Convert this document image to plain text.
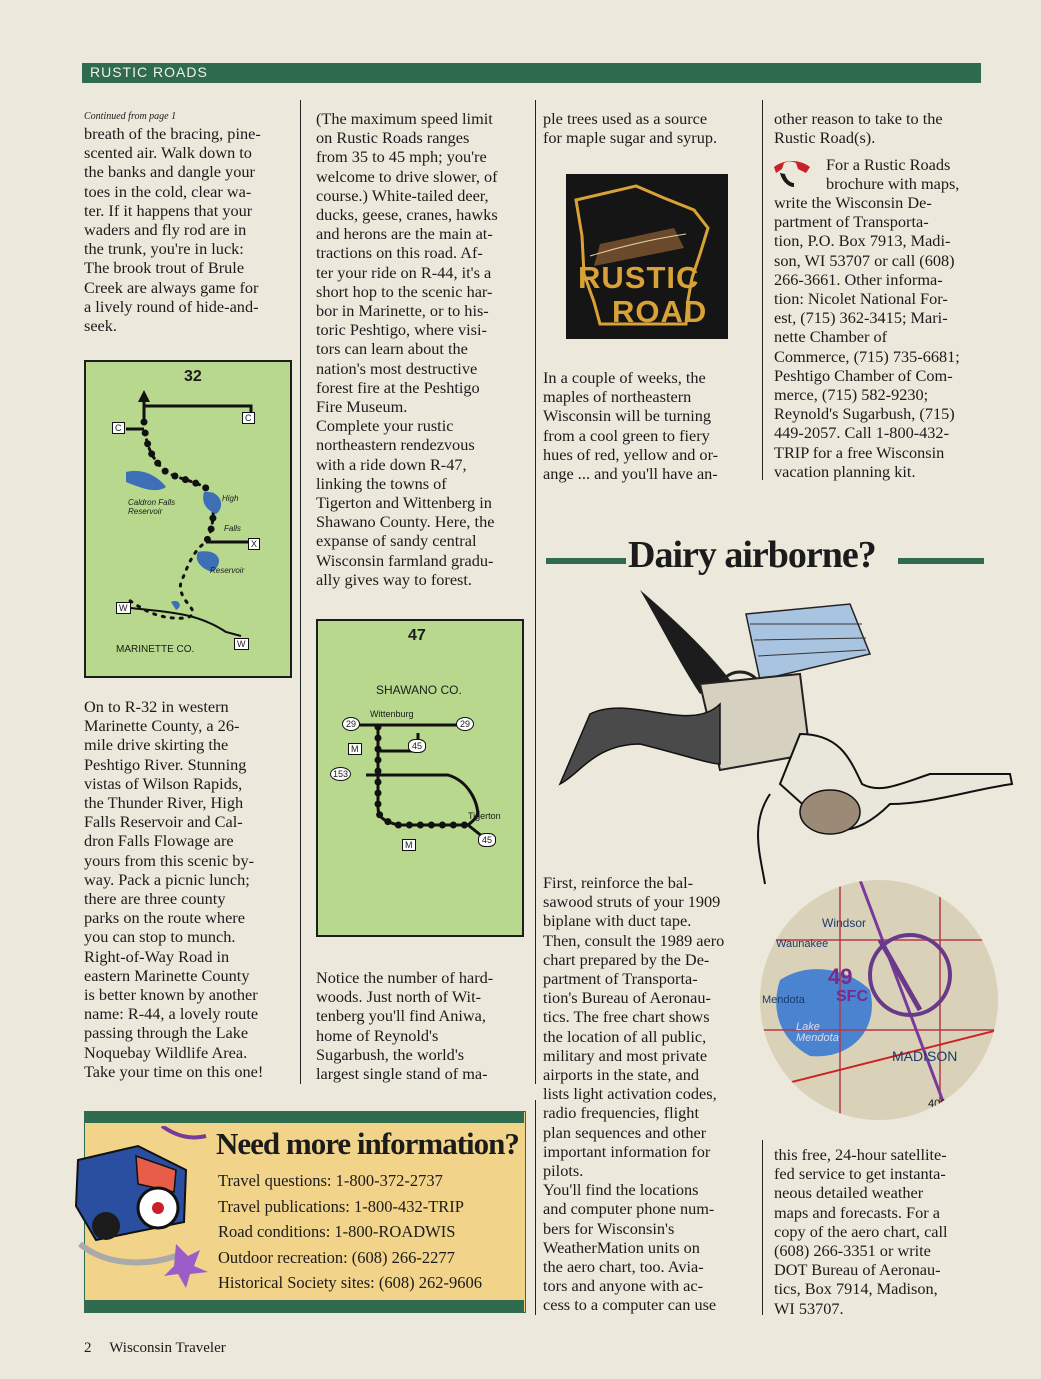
RUSTIC ROADS
Continued from page 1
breath of the bracing, pine-
scented air. Walk down to
the banks and dangle your
toes in the cold, clear wa-
ter. If it happens that your
waders and fly rod are in
the trunk, you're in luck:
The brook trout of Brule
Creek are always game for
a lively round of hide-and-
seek.
32
Caldron Falls
Reservoir
High
Falls
Reservoir
MARINETTE CO.
C
C
X
W
W
On to R-32 in western
Marinette County, a 26-
mile drive skirting the
Peshtigo River. Stunning
vistas of Wilson Rapids,
the Thunder River, High
Falls Reservoir and Cal-
dron Falls Flowage are
yours from this scenic by-
way. Pack a picnic lunch;
there are three county
parks on the route where
you can stop to munch.
Right-of-Way Road in
eastern Marinette County
is better known by another
name: R-44, a lovely route
passing through the Lake
Noquebay Wildlife Area.
Take your time on this one!
(The maximum speed limit
on Rustic Roads ranges
from 35 to 45 mph; you're
welcome to drive slower, of
course.) White-tailed deer,
ducks, geese, cranes, hawks
and herons are the main at-
tractions on this road. Af-
ter your ride on R-44, it's a
short hop to the scenic har-
bor in Marinette, or to his-
toric Peshtigo, where visi-
tors can learn about the
nation's most destructive
forest fire at the Peshtigo
Fire Museum.
Complete your rustic
northeastern rendezvous
with a ride down R-47,
linking the towns of
Tigerton and Wittenberg in
Shawano County. Here, the
expanse of sandy central
Wisconsin farmland gradu-
ally gives way to forest.
47
SHAWANO CO.
Wittenburg
Tigerton
29	29
45
45
153
M
M
Notice the number of hard-
woods. Just north of Wit-
tenberg you'll find Aniwa,
home of Reynold's
Sugarbush, the world's
largest single stand of ma-
ple trees used as a source
for maple sugar and syrup.
RUSTIC
ROAD
In a couple of weeks, the
maples of northeastern
Wisconsin will be turning
from a cool green to fiery
hues of red, yellow and or-
ange ... and you'll have an-
other reason to take to the
Rustic Road(s).
For a Rustic Roads
brochure with maps,
write the Wisconsin De-
partment of Transporta-
tion, P.O. Box 7913, Madi-
son, WI 53707 or call (608)
266-3661. Other informa-
tion: Nicolet National For-
est, (715) 362-3415; Mari-
nette Chamber of
Commerce, (715) 735-6681;
Peshtigo Chamber of Com-
merce, (715) 582-9230;
Reynold's Sugarbush, (715)
449-2057. Call 1-800-432-
TRIP for a free Wisconsin
vacation planning kit.
Dairy airborne?
Windsor
Waunakee
49
SFC
Mendota
Lake
Mendota
MADISON
400
249
First, reinforce the bal-
sawood struts of your 1909
biplane with duct tape.
Then, consult the 1989 aero
chart prepared by the De-
partment of Transporta-
tion's Bureau of Aeronau-
tics. The free chart shows
the location of all public,
military and most private
airports in the state, and
lists light activation codes,
radio frequencies, flight
plan sequences and other
important information for
pilots.
You'll find the locations
and computer phone num-
bers for Wisconsin's
WeatherMation units on
the aero chart, too. Avia-
tors and anyone with ac-
cess to a computer can use
this free, 24-hour satellite-
fed service to get instanta-
neous detailed weather
maps and forecasts. For a
copy of the aero chart, call
(608) 266-3351 or write
DOT Bureau of Aeronau-
tics, Box 7914, Madison,
WI 53707.
Need more information?
Travel questions: 1-800-372-2737
Travel publications: 1-800-432-TRIP
Road conditions: 1-800-ROADWIS
Outdoor recreation: (608) 266-2277
Historical Society sites: (608) 262-9606
2 Wisconsin Traveler
